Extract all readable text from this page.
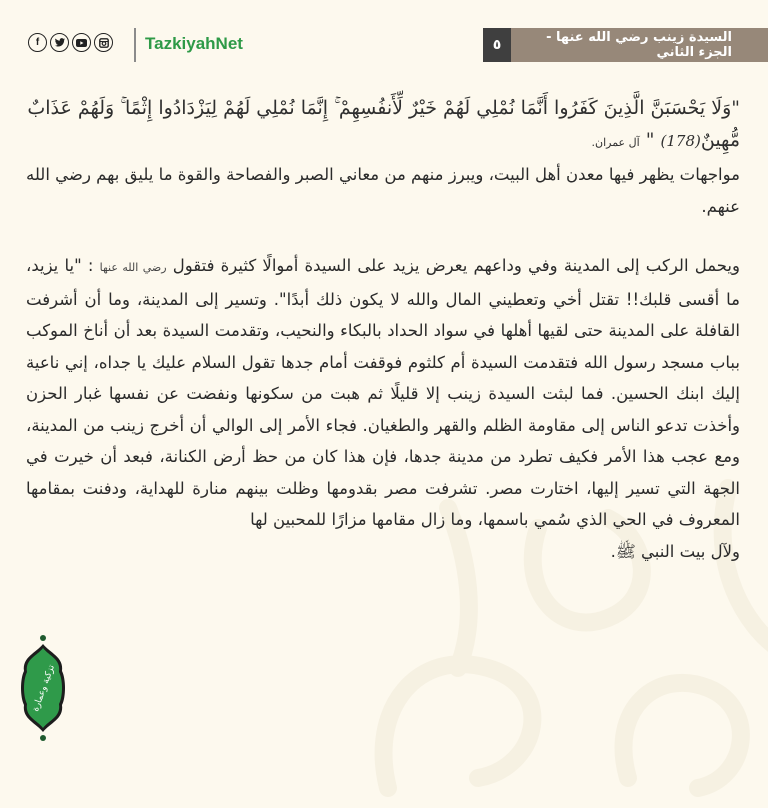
f	TazkiyahNet	٥	السيدة زينب رضي الله عنها - الجزء الثاني
"وَلَا يَحْسَبَنَّ الَّذِينَ كَفَرُوا أَنَّمَا نُمْلِي لَهُمْ خَيْرٌ لِّأَنفُسِهِمْ ۚ إِنَّمَا نُمْلِي لَهُمْ لِيَزْدَادُوا إِثْمًا ۚ وَلَهُمْ عَذَابٌ مُّهِينٌ(178) " آل عمران.

مواجهات يظهر فيها معدن أهل البيت، ويبرز منهم من معاني الصبر والفصاحة والقوة ما يليق بهم رضي الله عنهم.

ويحمل الركب إلى المدينة وفي وداعهم يعرض يزيد على السيدة أموالًا كثيرة فتقول رضي الله عنها : "يا يزيد، ما أقسى قلبك!! تقتل أخي وتعطيني المال والله لا يكون ذلك أبدًا". وتسير إلى المدينة، وما أن أشرفت القافلة على المدينة حتى لقيها أهلها في سواد الحداد بالبكاء والنحيب، وتقدمت السيدة بعد أن أناخ الموكب بباب مسجد رسول الله فتقدمت السيدة أم كلثوم فوقفت أمام جدها تقول السلام عليك يا جداه، إني ناعية إليك ابنك الحسين. فما لبثت السيدة زينب إلا قليلًا ثم هبت من سكونها ونفضت عن نفسها غبار الحزن وأخذت تدعو الناس إلى مقاومة الظلم والقهر والطغيان. فجاء الأمر إلى الوالي أن أخرج زينب من المدينة، ومع عجب هذا الأمر فكيف تطرد من مدينة جدها، فإن هذا كان من حظ أرض الكنانة، فبعد أن خيرت في الجهة التي تسير إليها، اختارت مصر. تشرفت مصر بقدومها وظلت بينهم منارة للهداية، ودفنت بمقامها المعروف في الحي الذي سُمي باسمها، وما زال مقامها مزارًا للمحبين لها

ولآل بيت النبي ﷺ.

تزكية وعمارة
